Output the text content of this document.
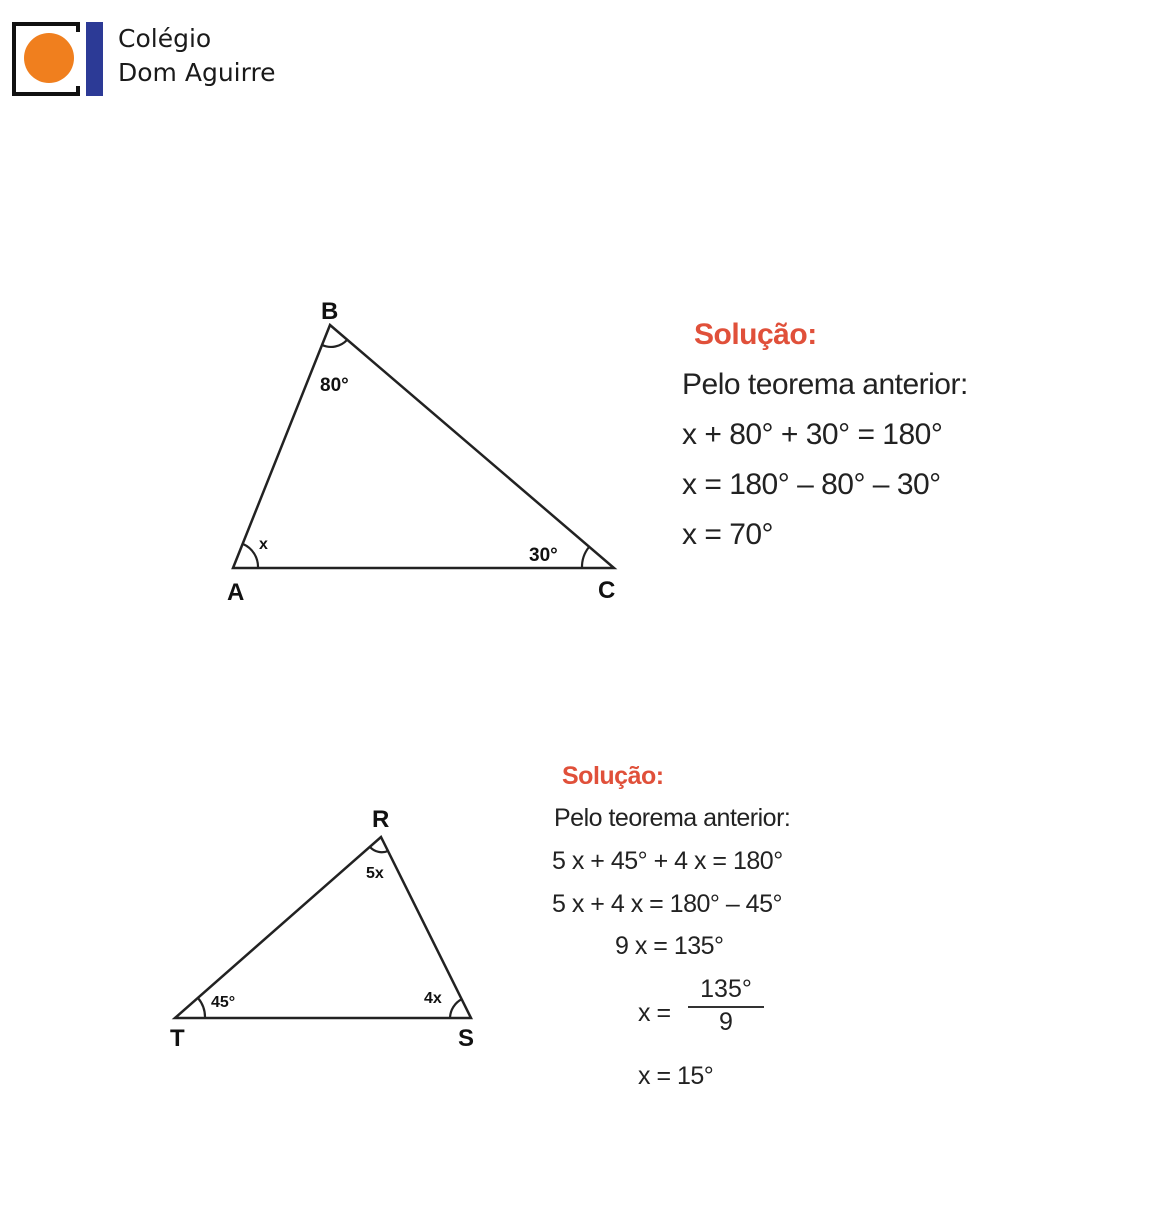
Colégio
Dom Aguirre
A
B
C
x
80°
30°
Solução:
Pelo teorema anterior:
x + 80° + 30° = 180°
x = 180° – 80° – 30°
x = 70°
R
S
T
5x
4x
45°
Solução:
Pelo teorema anterior:
5 x + 45° + 4 x = 180°
5 x + 4 x = 180° – 45°
9 x = 135°
x =
x = 15°
$\frac{135^\circ}{9}$
